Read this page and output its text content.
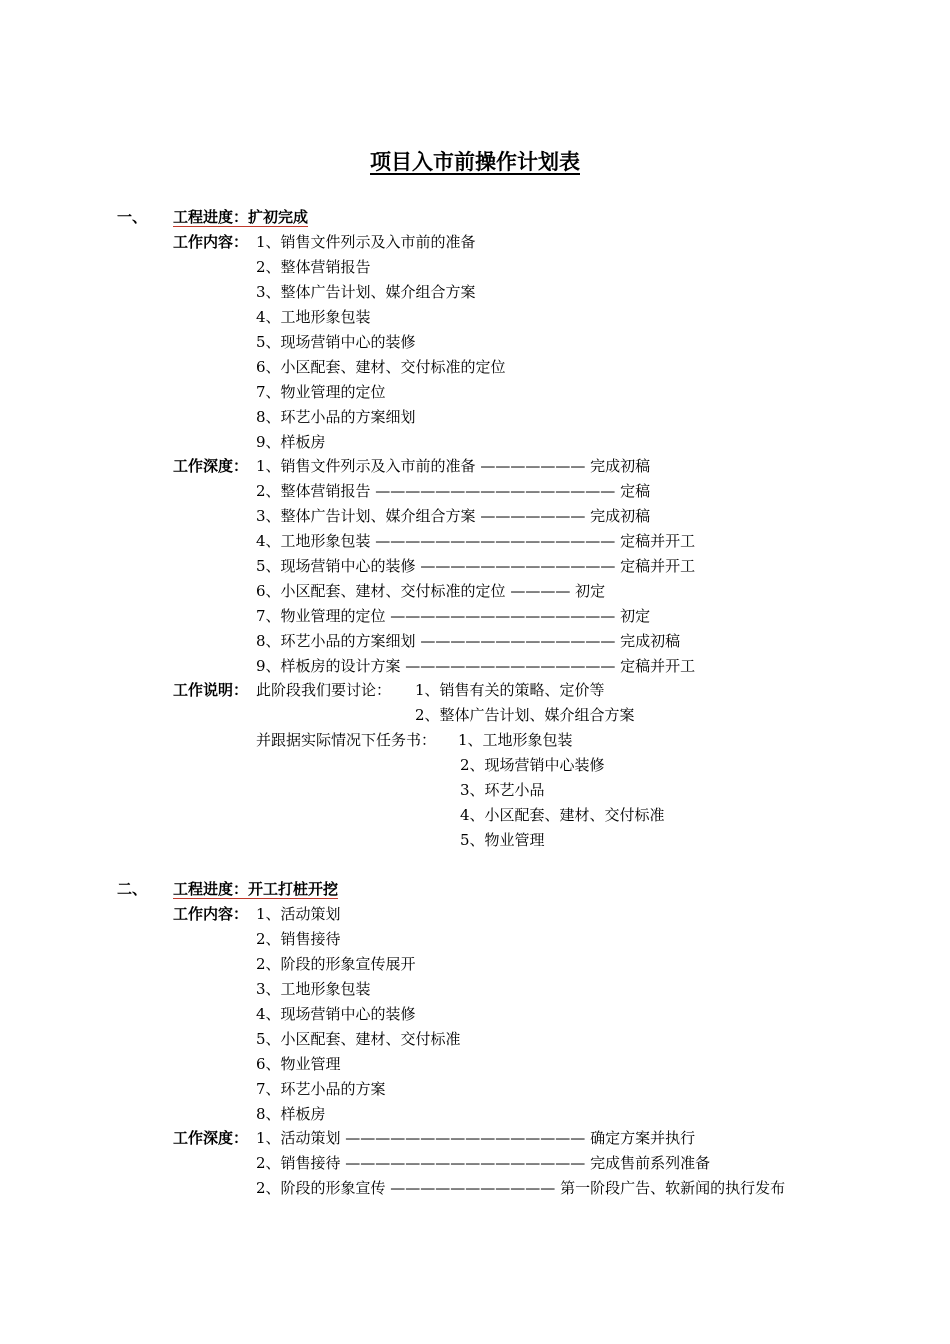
项目入市前操作计划表
一、 工程进度：扩初完成
工作内容： 1、销售文件列示及入市前的准备
2、整体营销报告
3、整体广告计划、媒介组合方案
4、工地形象包装
5、现场营销中心的装修
6、小区配套、建材、交付标准的定位
7、物业管理的定位
8、环艺小品的方案细划
9、样板房
工作深度： 1、销售文件列示及入市前的准备 ——————— 完成初稿
2、整体营销报告 ———————————————— 定稿
3、整体广告计划、媒介组合方案 ——————— 完成初稿
4、工地形象包装 ———————————————— 定稿并开工
5、现场营销中心的装修 ————————————— 定稿并开工
6、小区配套、建材、交付标准的定位 ———— 初定
7、物业管理的定位 ——————————————— 初定
8、环艺小品的方案细划 ————————————— 完成初稿
9、样板房的设计方案 —————————————— 定稿并开工
工作说明： 此阶段我们要讨论： 1、销售有关的策略、定价等
2、整体广告计划、媒介组合方案
并跟据实际情况下任务书： 1、工地形象包装
2、现场营销中心装修
3、环艺小品
4、小区配套、建材、交付标准
5、物业管理
二、 工程进度：开工打桩开挖
工作内容： 1、活动策划
2、销售接待
2、阶段的形象宣传展开
3、工地形象包装
4、现场营销中心的装修
5、小区配套、建材、交付标准
6、物业管理
7、环艺小品的方案
8、样板房
工作深度： 1、活动策划 ———————————————— 确定方案并执行
2、销售接待 ———————————————— 完成售前系列准备
2、阶段的形象宣传 ——————————— 第一阶段广告、软新闻的执行发布
